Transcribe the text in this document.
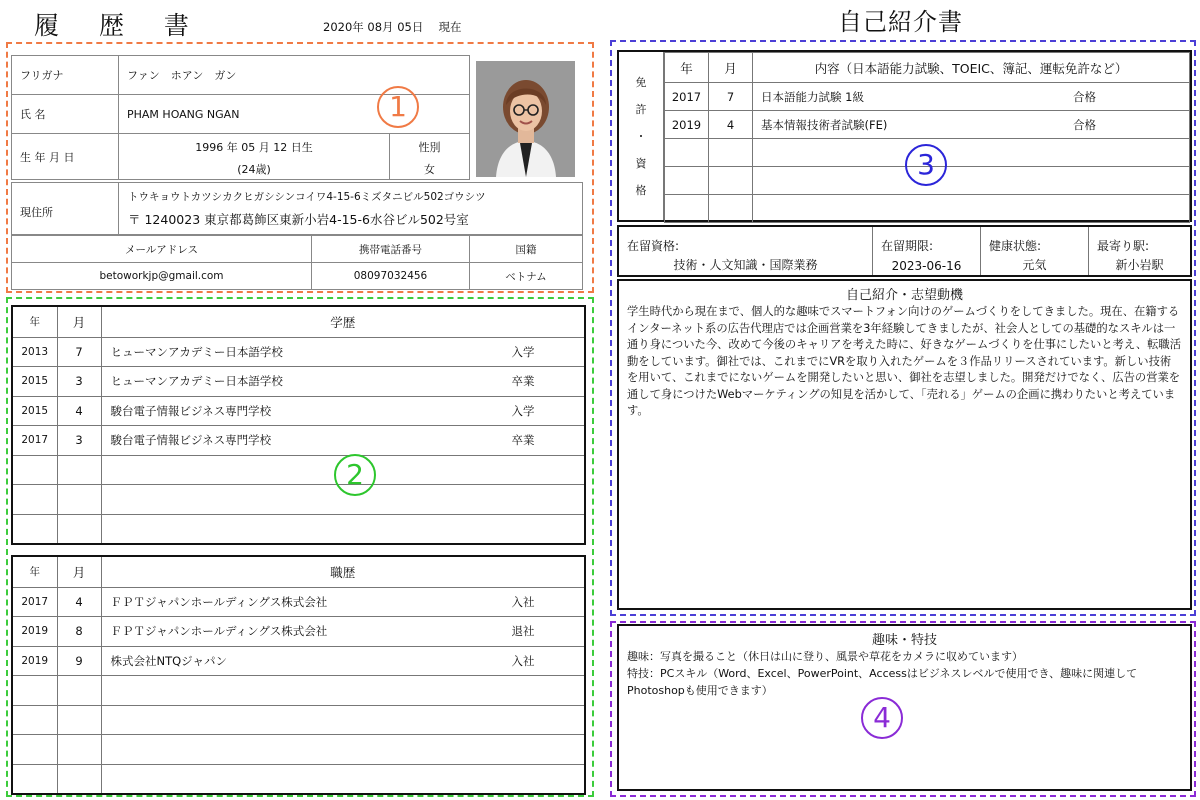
履 歴 書	2020年 08月 05日　 現在	自己紹介書
フリガナ	ファン　ホアン　ガン	
氏 名	PHAM HOANG NGAN	
生 年 月 日	1996 年 05 月 12 日生	性別
	(24歳)	女
現住所
トウキョウトカツシカクヒガシシンコイワ4-15-6ミズタニビル502ゴウシツ
〒 1240023 東京都葛飾区東新小岩4-15-6水谷ビル502号室
メールアドレス	携帯電話番号	国籍
betoworkjp@gmail.com	08097032456	ベトナム
年	月	学歴
2013	7	ヒューマンアカデミー日本語学校 入学

2015	3	ヒューマンアカデミー日本語学校 卒業

2015	4	駿台電子情報ビジネス専門学校 入学

2017	3	駿台電子情報ビジネス専門学校 卒業

年	月	職歴
2017	4	ＦＰＴジャパンホールディングス株式会社 入社

2019	8	ＦＰＴジャパンホールディングス株式会社 退社

2019	9	株式会社NTQジャパン 入社

免
許
・
資
格
年	月	内容（日本語能力試験、TOEIC、簿記、運転免許など）
2017	7	日本語能力試験 1級 合格

2019	4	基本情報技術者試験(FE) 合格

在留資格:
技術・人文知識・国際業務
在留期限:
2023-06-16
健康状態:
元気
最寄り駅:
新小岩駅
自己紹介・志望動機
学生時代から現在まで、個人的な趣味でスマートフォン向けのゲームづくりをしてきました。現在、在籍するインターネット系の広告代理店では企画営業を3年経験してきましたが、社会人としての基礎的なスキルは一通り身についた今、改めて今後のキャリアを考えた時に、好きなゲームづくりを仕事にしたいと考え、転職活動をしています。御社では、これまでにVRを取り入れたゲームを３作品リリースされています。新しい技術を用いて、これまでにないゲームを開発したいと思い、御社を志望しました。開発だけでなく、広告の営業を通して身につけたWebマーケティングの知見を活かして、「売れる」ゲームの企画に携わりたいと考えています。
趣味・特技
趣味：写真を撮ること（休日は山に登り、風景や草花をカメラに収めています）
特技：PCスキル（Word、Excel、PowerPoint、Accessはビジネスレベルで使用でき、趣味に関連してPhotoshopも使用できます）
1
2
3
4
